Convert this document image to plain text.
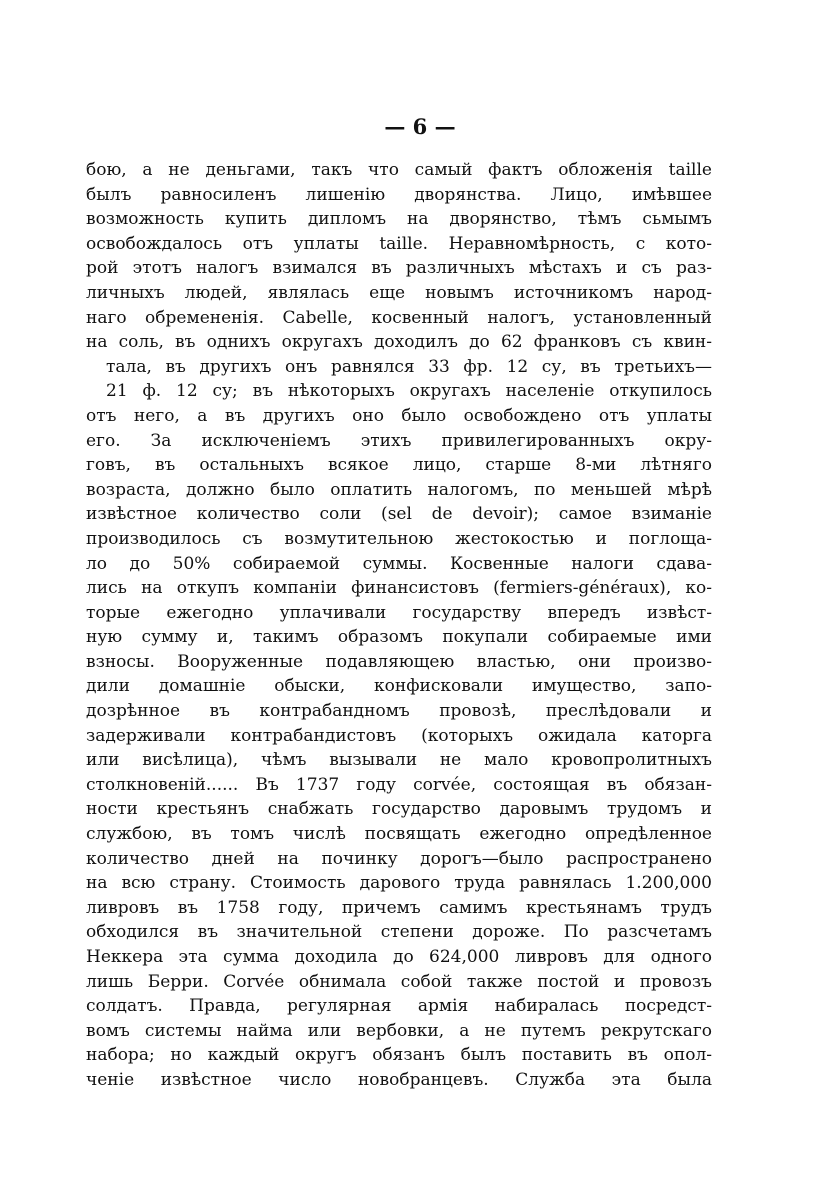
— 6 —
бою, а не деньгами, такъ что самый фактъ обложенія taille
былъ равносиленъ лишенію дворянства. Лицо, имѣвшее
возможность купить дипломъ на дворянство, тѣмъ сьмымъ
освобождалось отъ уплаты taille. Неравномѣрность, с кото-
рой этотъ налогъ взимался въ различныхъ мѣстахъ и съ раз-
личныхъ людей, являлась еще новымъ источникомъ народ-
наго обремененія. Cabelle, косвенный налогъ, установленный
на соль, въ однихъ округахъ доходилъ до 62 франковъ съ квин-
тала, въ другихъ онъ равнялся 33 фр. 12 су, въ третьихъ—
21 ф. 12 су; въ нѣкоторыхъ округахъ населеніе откупилось
отъ него, а въ другихъ оно было освобождено отъ уплаты
его. За исключеніемъ этихъ привилегированныхъ окру-
говъ, въ остальныхъ всякое лицо, старше 8-ми лѣтняго
возраста, должно было оплатить налогомъ, по меньшей мѣрѣ
извѣстное количество соли (sel de devoir); самое взиманіе
производилось съ возмутительною жестокостью и поглоща-
ло до 50% собираемой суммы. Косвенные налоги сдава-
лись на откупъ компаніи финансистовъ (fermiers-généraux), ко-
торые ежегодно уплачивали государству впередъ извѣст-
ную сумму и, такимъ образомъ покупали собираемые ими
взносы. Вооруженные подавляющею властью, они произво-
дили домашніе обыски, конфисковали имущество, запо-
дозрѣнное въ контрабандномъ провозѣ, преслѣдовали и
задерживали контрабандистовъ (которыхъ ожидала каторга
или висѣлица), чѣмъ вызывали не мало кровопролитныхъ
столкновеній...... Въ 1737 году corvée, состоящая въ обязан-
ности крестьянъ снабжать государство даровымъ трудомъ и
службою, въ томъ числѣ посвящать ежегодно опредѣленное
количество дней на починку дорогъ—было распространено
на всю страну. Стоимость дарового труда равнялась 1.200,000
ливровъ въ 1758 году, причемъ самимъ крестьянамъ трудъ
обходился въ значительной степени дороже. По разсчетамъ
Неккера эта сумма доходила до 624,000 ливровъ для одного
лишь Берри. Corvée обнимала собой также постой и провозъ
солдатъ. Правда, регулярная армія набиралась посредст-
вомъ системы найма или вербовки, а не путемъ рекрутскаго
набора; но каждый округъ обязанъ былъ поставить въ опол-
ченіе извѣстное число новобранцевъ. Служба эта была
